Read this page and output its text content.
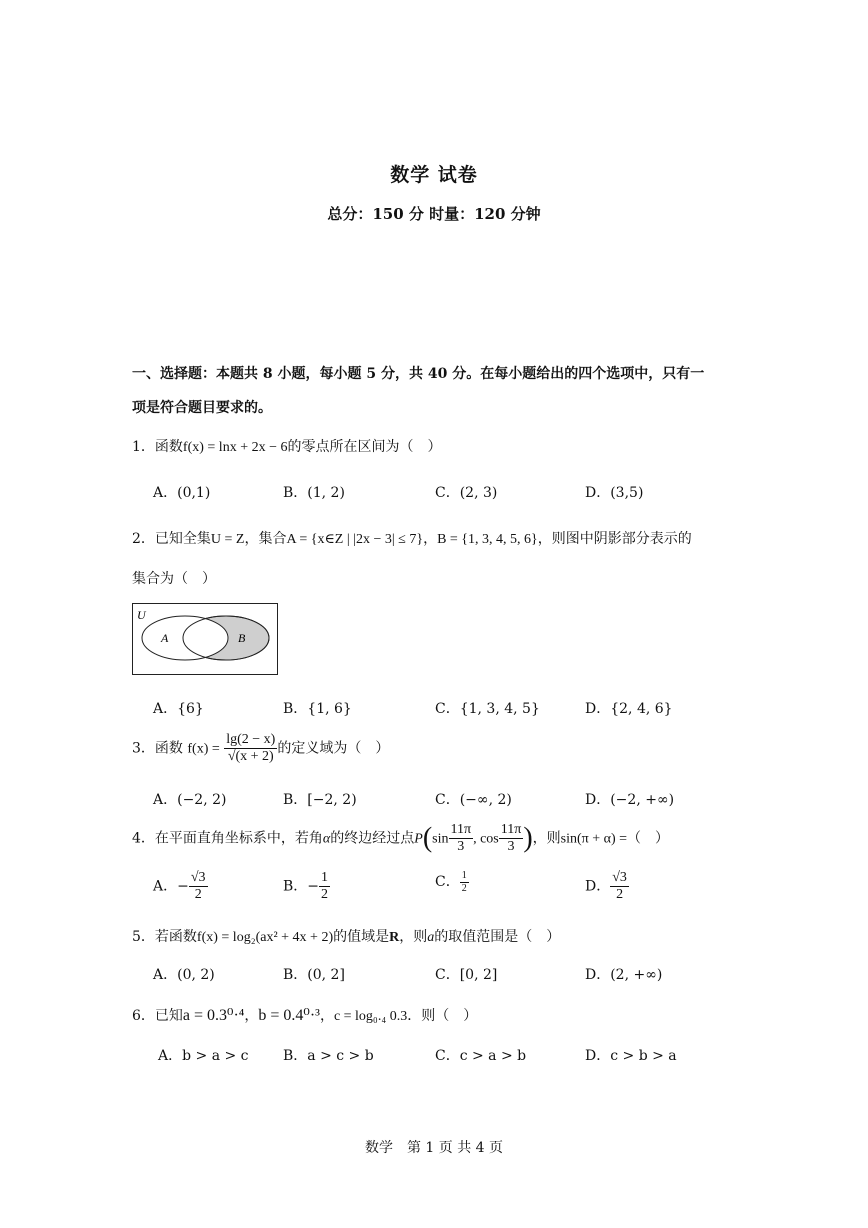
数学 试卷
总分：150 分 时量：120 分钟
一、选择题：本题共 8 小题，每小题 5 分，共 40 分。在每小题给出的四个选项中，只有一
项是符合题目要求的。
1．函数f(x) = lnx + 2x − 6的零点所在区间为（　）
A．(0,1)	B．(1, 2)	C．(2, 3)	D．(3,5)
2．已知全集U = Z，集合A = {x∈Z | |2x − 3| ≤ 7}，B = {1, 3, 4, 5, 6}，则图中阴影部分表示的
集合为（　）
U
A	B
A．{6}	B．{1, 6}	C．{1, 3, 4, 5}	D．{2, 4, 6}
3．函数 $f(x) = \frac{\lg(2 - x)}{√(x + 2)}$ 的定义域为（　）
A．(−2, 2)	B．[−2, 2)	C．(−∞, 2)	D．(−2, +∞)
4．在平面直角坐标系中，若角α的终边经过点$P(\sin \frac{11\pi}{3}$ , $\cos \frac{11\pi}{3}$ )，则sin(π + α) =（　）
A．− $\frac{√3}{2}$	B．− $\frac{1}{2}$	C． $\frac{1}{2}$	D． $\frac{√3}{2}$
5．若函数f(x) = log₂(ax² + 4x + 2)的值域是R，则a的取值范围是（　）
A．(0, 2)	B．(0, 2]	C．[0, 2]	D．(2, +∞)
6．已知a = 0.3⁰·⁴，b = 0.4⁰·³，c = log₀.₄ 0.3．则（　）
A．b > a > c B．a > c > b	C．c > a > b	D．c > b > a
数学　第 1 页 共 4 页
